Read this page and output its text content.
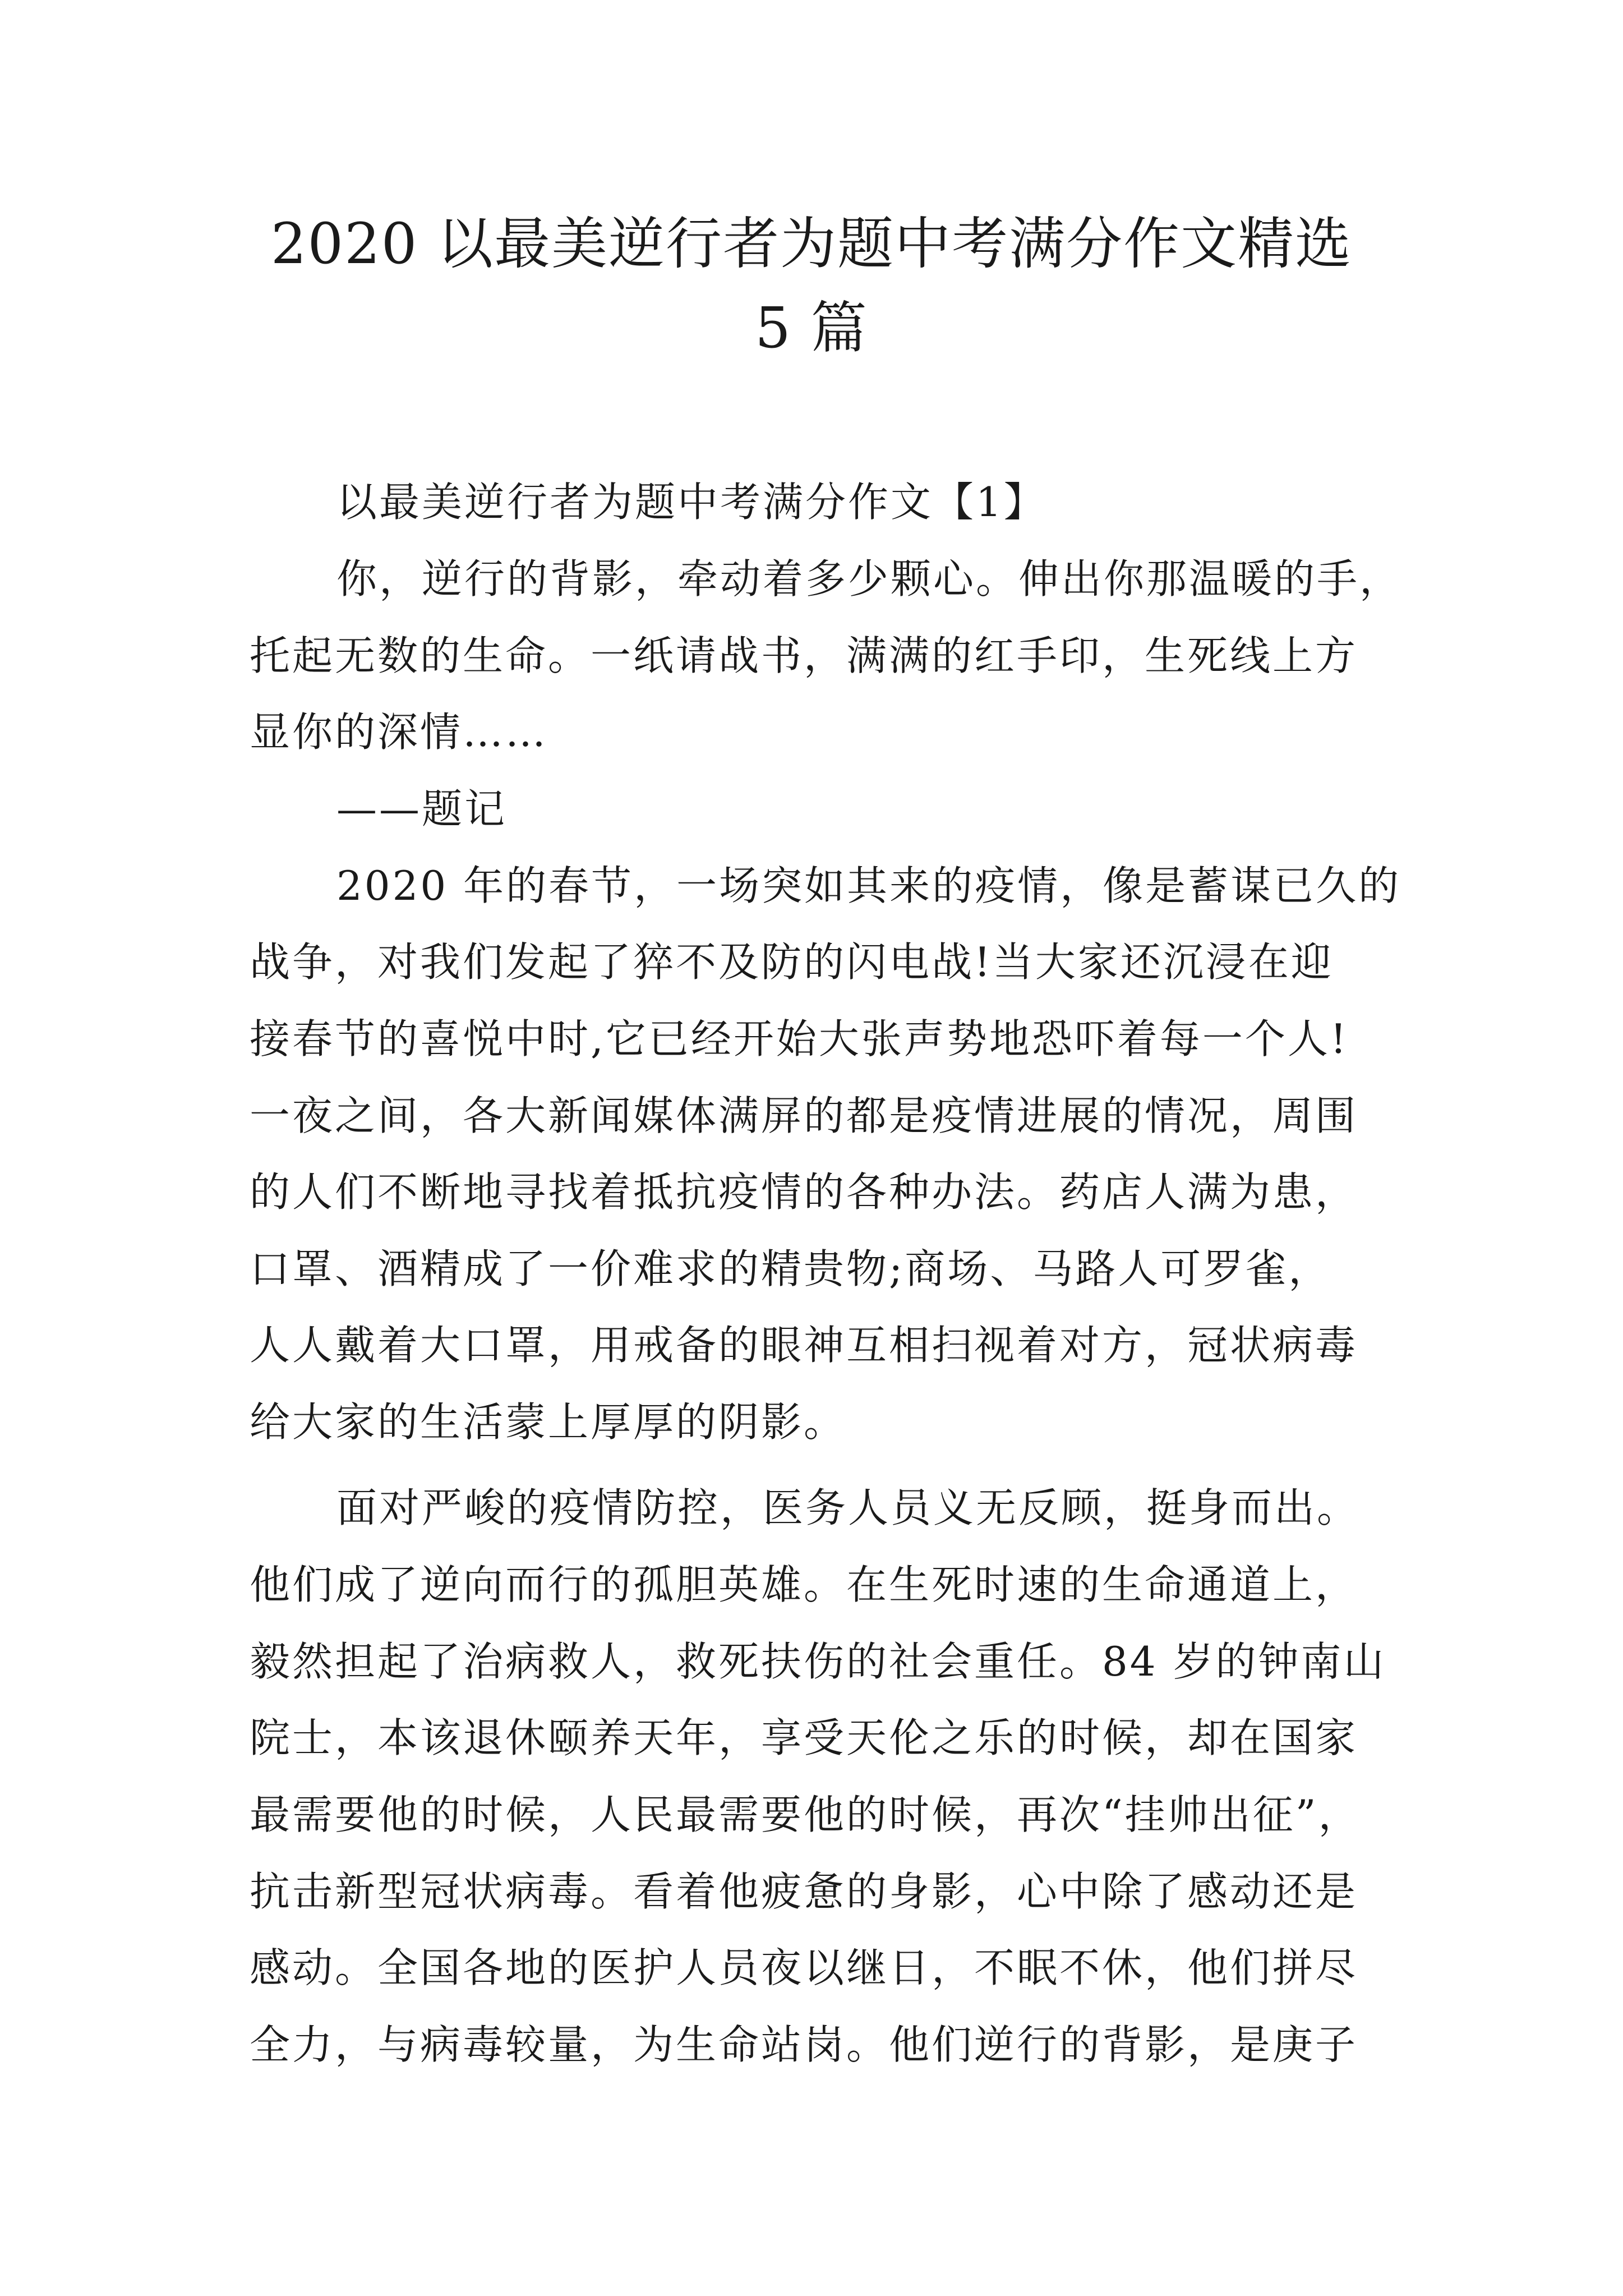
2020 以最美逆行者为题中考满分作文精选
5 篇

以最美逆行者为题中考满分作文【1】

你，逆行的背影，牵动着多少颗心。伸出你那温暖的手，

托起无数的生命。一纸请战书，满满的红手印，生死线上方

显你的深情……

——题记

2020 年的春节，一场突如其来的疫情，像是蓄谋已久的

战争，对我们发起了猝不及防的闪电战!当大家还沉浸在迎

接春节的喜悦中时,它已经开始大张声势地恐吓着每一个人!

一夜之间，各大新闻媒体满屏的都是疫情进展的情况，周围

的人们不断地寻找着抵抗疫情的各种办法。药店人满为患，

口罩、酒精成了一价难求的精贵物;商场、马路人可罗雀，

人人戴着大口罩，用戒备的眼神互相扫视着对方，冠状病毒

给大家的生活蒙上厚厚的阴影。

面对严峻的疫情防控，医务人员义无反顾，挺身而出。

他们成了逆向而行的孤胆英雄。在生死时速的生命通道上，

毅然担起了治病救人，救死扶伤的社会重任。84 岁的钟南山

院士，本该退休颐养天年，享受天伦之乐的时候，却在国家

最需要他的时候，人民最需要他的时候，再次“挂帅出征”，

抗击新型冠状病毒。看着他疲惫的身影，心中除了感动还是

感动。全国各地的医护人员夜以继日，不眠不休，他们拼尽

全力，与病毒较量，为生命站岗。他们逆行的背影，是庚子
